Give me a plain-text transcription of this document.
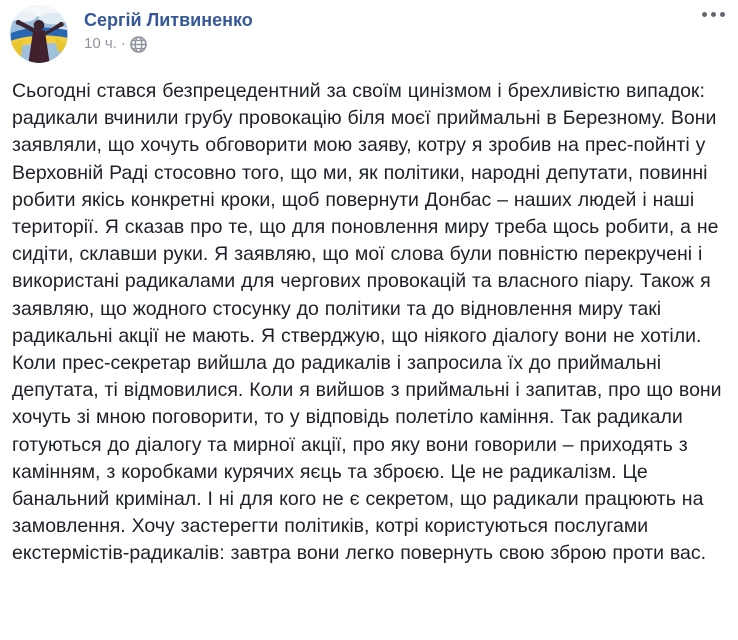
Сергій Литвиненко
10 ч. ·
Сьогодні стався безпрецедентний за своїм цинізмом і брехливістю випадок: радикали вчинили грубу провокацію біля моєї приймальні в Березному. Вони заявляли, що хочуть обговорити мою заяву, котру я зробив на прес-пойнті у Верховній Раді стосовно того, що ми, як політики, народні депутати, повинні робити якісь конкретні кроки, щоб повернути Донбас – наших людей і наші території. Я сказав про те, що для поновлення миру треба щось робити, а не сидіти, склавши руки. Я заявляю, що мої слова були повністю перекручені і використані радикалами для чергових провокацій та власного піару. Також я заявляю, що жодного стосунку до політики та до відновлення миру такі радикальні акції не мають. Я стверджую, що ніякого діалогу вони не хотіли. Коли прес-секретар вийшла до радикалів і запросила їх до приймальні депутата, ті відмовилися. Коли я вийшов з приймальні і запитав, про що вони хочуть зі мною поговорити, то у відповідь полетіло каміння. Так радикали готуються до діалогу та мирної акції, про яку вони говорили – приходять з камінням, з коробками курячих яєць та зброєю. Це не радикалізм. Це банальний кримінал. І ні для кого не є секретом, що радикали працюють на замовлення. Хочу застерегти політиків, котрі користуються послугами екстермістів-радикалів: завтра вони легко повернуть свою зброю проти вас.
